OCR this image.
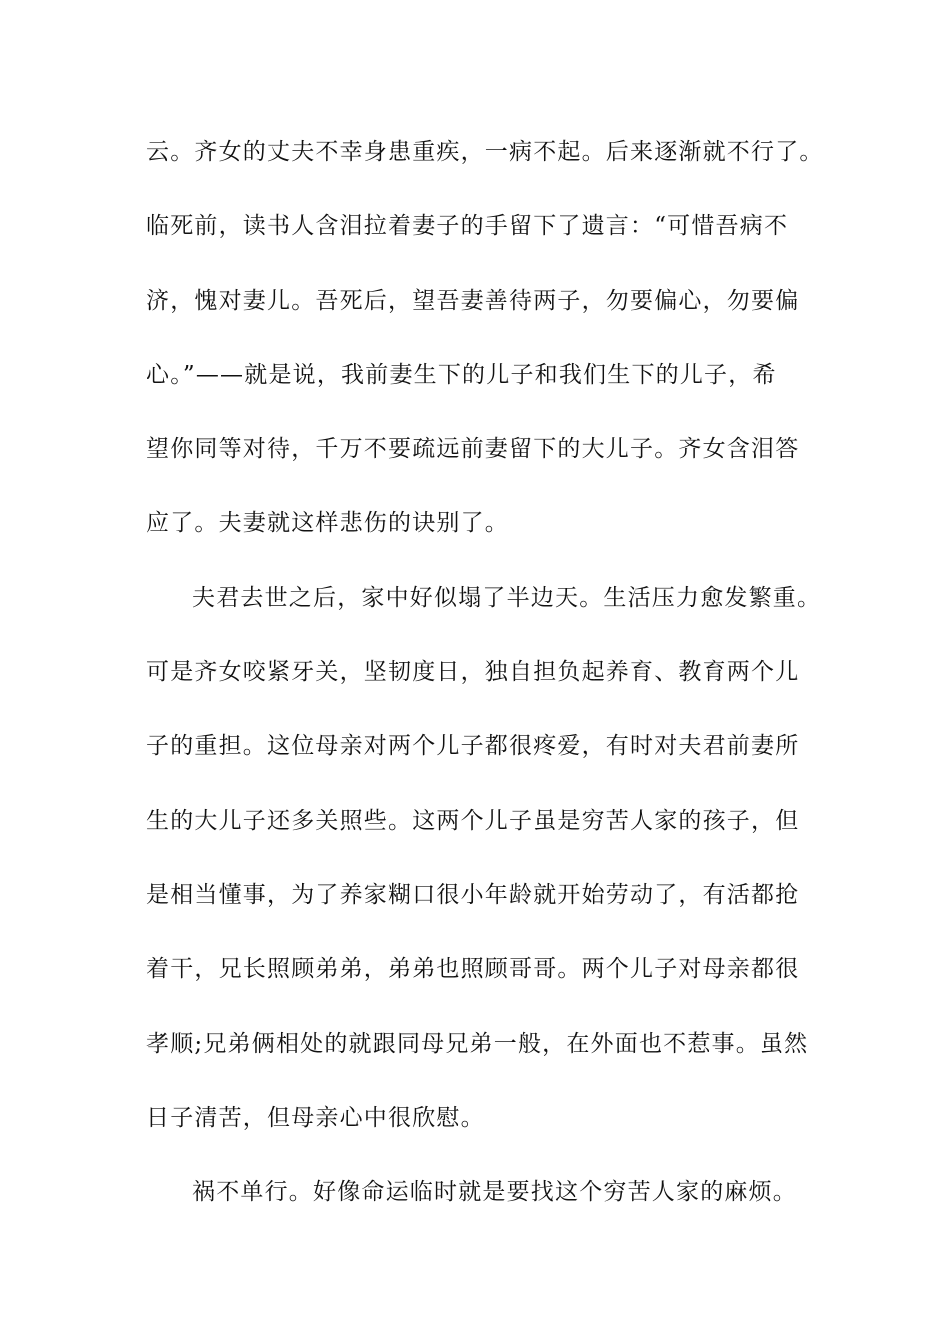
云。齐女的丈夫不幸身患重疾，一病不起。后来逐渐就不行了。
临死前，读书人含泪拉着妻子的手留下了遗言：“可惜吾病不
济，愧对妻儿。吾死后，望吾妻善待两子，勿要偏心，勿要偏
心。”——就是说，我前妻生下的儿子和我们生下的儿子，希
望你同等对待，千万不要疏远前妻留下的大儿子。齐女含泪答
应了。夫妻就这样悲伤的诀别了。
夫君去世之后，家中好似塌了半边天。生活压力愈发繁重。
可是齐女咬紧牙关，坚韧度日，独自担负起养育、教育两个儿
子的重担。这位母亲对两个儿子都很疼爱，有时对夫君前妻所
生的大儿子还多关照些。这两个儿子虽是穷苦人家的孩子，但
是相当懂事，为了养家糊口很小年龄就开始劳动了，有活都抢
着干，兄长照顾弟弟，弟弟也照顾哥哥。两个儿子对母亲都很
孝顺;兄弟俩相处的就跟同母兄弟一般，在外面也不惹事。虽然
日子清苦，但母亲心中很欣慰。
祸不单行。好像命运临时就是要找这个穷苦人家的麻烦。
